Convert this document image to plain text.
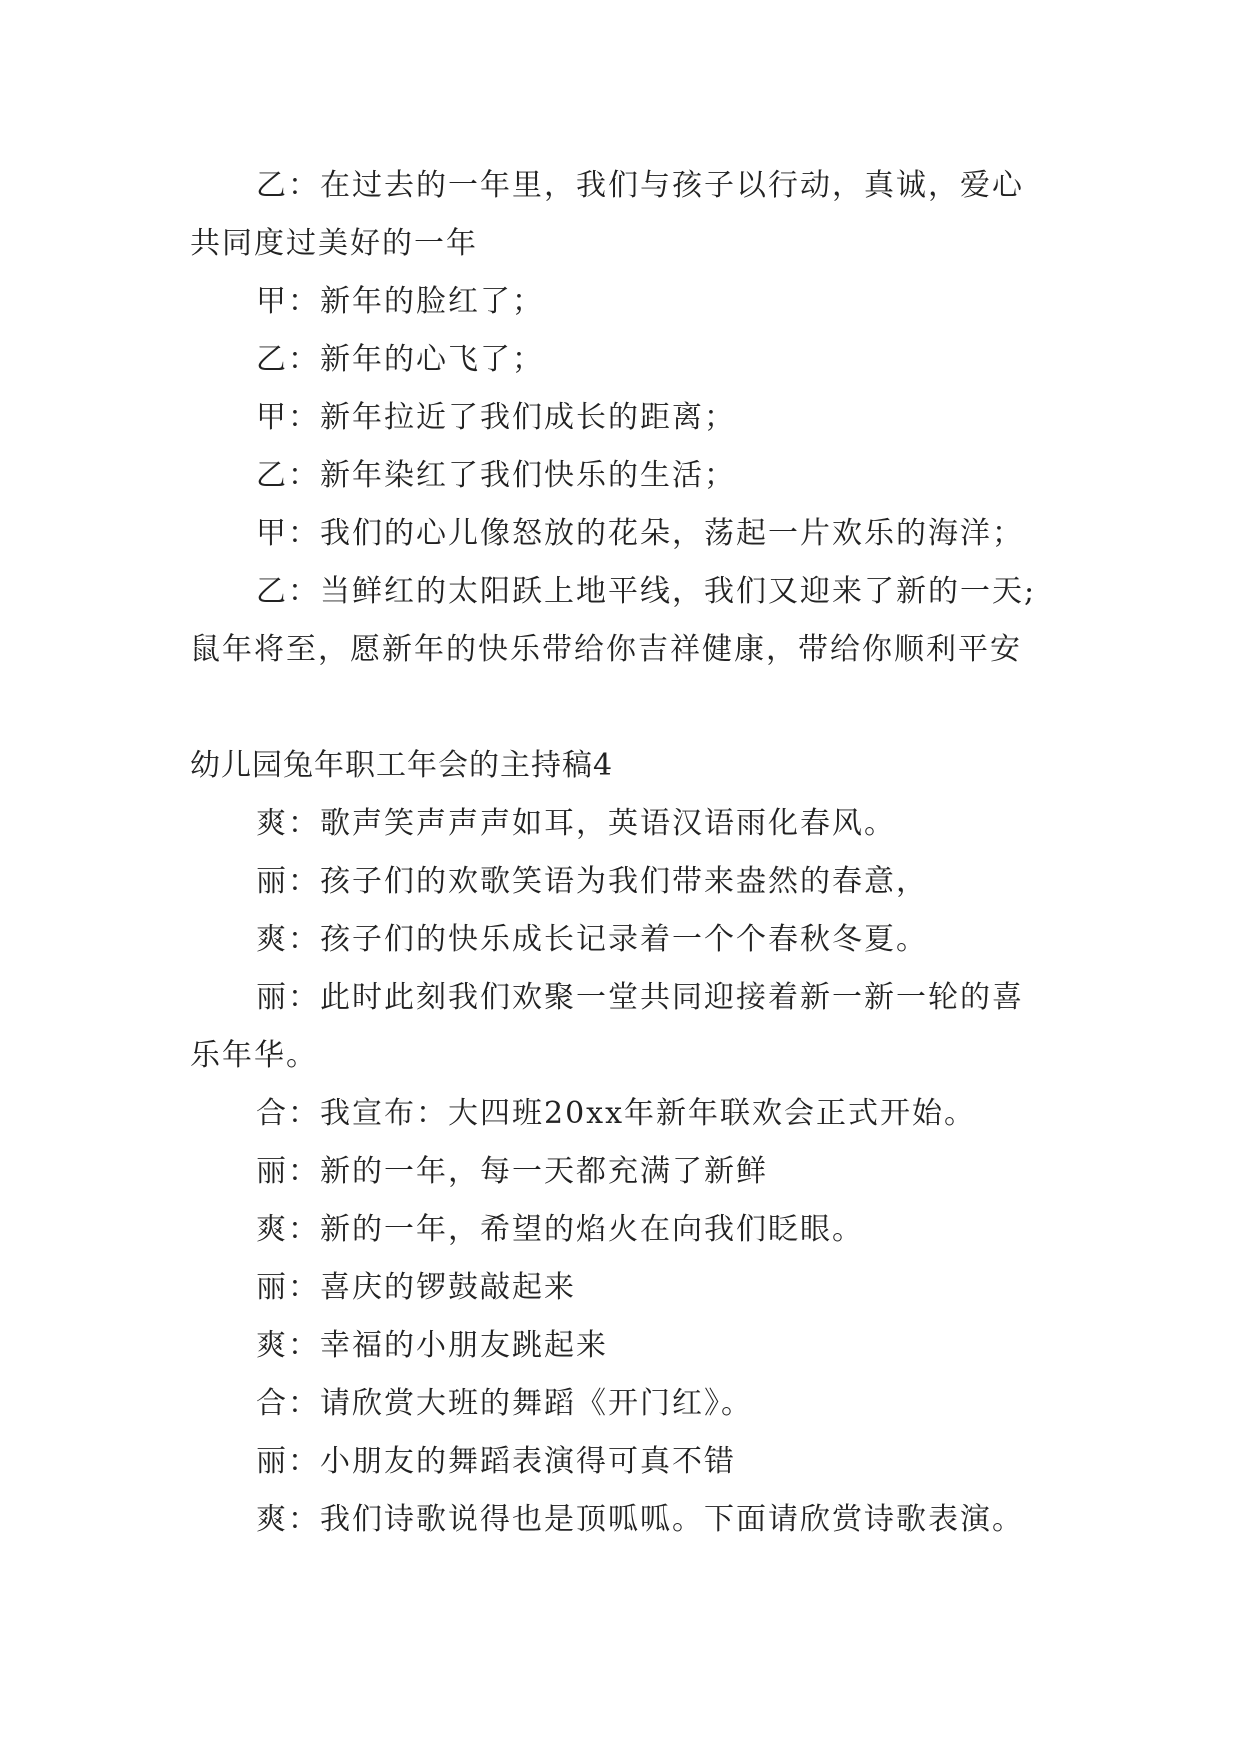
乙：在过去的一年里，我们与孩子以行动，真诚，爱心
共同度过美好的一年
甲：新年的脸红了；
乙：新年的心飞了；
甲：新年拉近了我们成长的距离；
乙：新年染红了我们快乐的生活；
甲：我们的心儿像怒放的花朵，荡起一片欢乐的海洋；
乙：当鲜红的太阳跃上地平线，我们又迎来了新的一天;
鼠年将至，愿新年的快乐带给你吉祥健康，带给你顺利平安
幼儿园兔年职工年会的主持稿4
爽：歌声笑声声声如耳，英语汉语雨化春风。
丽：孩子们的欢歌笑语为我们带来盎然的春意，
爽：孩子们的快乐成长记录着一个个春秋冬夏。
丽：此时此刻我们欢聚一堂共同迎接着新一新一轮的喜
乐年华。
合：我宣布：大四班20xx年新年联欢会正式开始。
丽：新的一年，每一天都充满了新鲜
爽：新的一年，希望的焰火在向我们眨眼。
丽：喜庆的锣鼓敲起来
爽：幸福的小朋友跳起来
合：请欣赏大班的舞蹈《开门红》。
丽：小朋友的舞蹈表演得可真不错
爽：我们诗歌说得也是顶呱呱。下面请欣赏诗歌表演。
